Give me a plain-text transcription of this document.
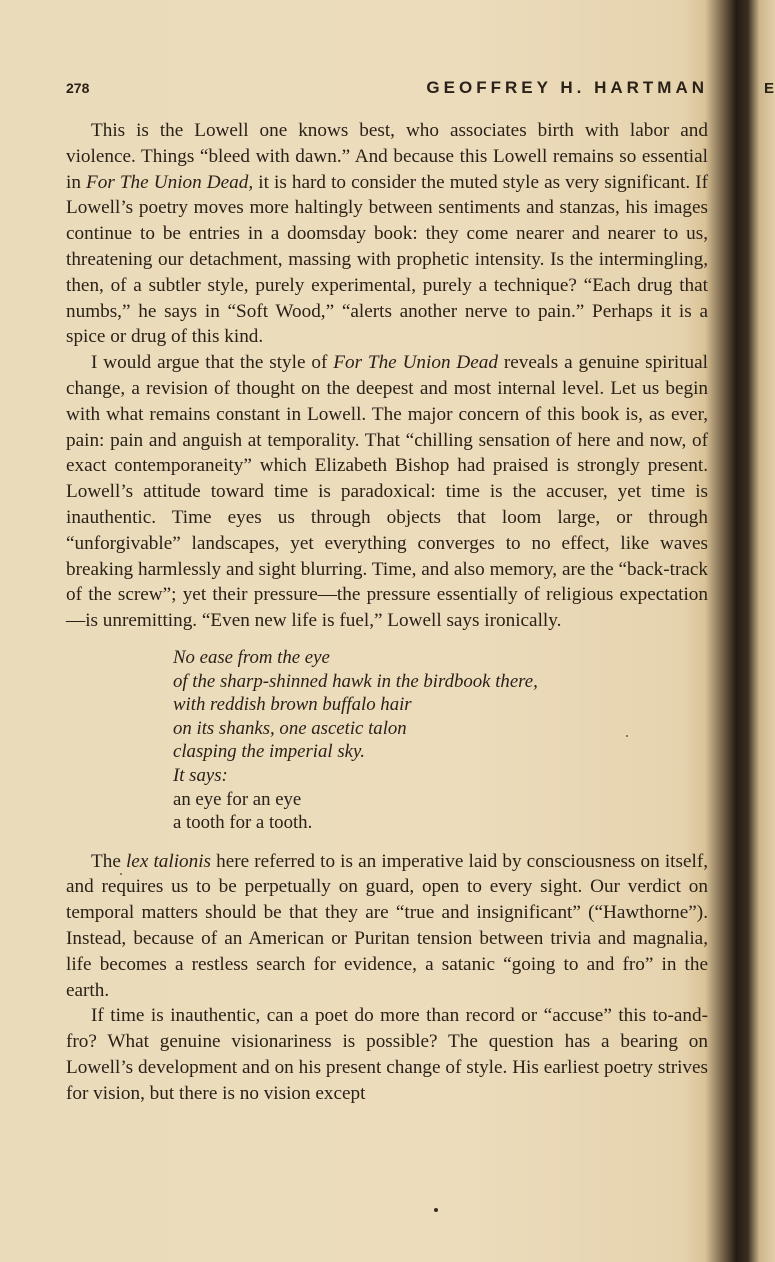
278	GEOFFREY H. HARTMAN	E

This is the Lowell one knows best, who associates birth with labor and violence. Things “bleed with dawn.” And because this Lowell remains so essential in For The Union Dead, it is hard to consider the muted style as very significant. If Lowell’s poetry moves more haltingly between sentiments and stanzas, his images continue to be entries in a doomsday book: they come nearer and nearer to us, threatening our detachment, massing with prophetic intensity. Is the intermingling, then, of a subtler style, purely experimental, purely a technique? “Each drug that numbs,” he says in “Soft Wood,” “alerts another nerve to pain.” Perhaps it is a spice or drug of this kind.

I would argue that the style of For The Union Dead reveals a genuine spiritual change, a revision of thought on the deepest and most internal level. Let us begin with what remains constant in Lowell. The major concern of this book is, as ever, pain: pain and anguish at temporality. That “chilling sensation of here and now, of exact contemporaneity” which Elizabeth Bishop had praised is strongly present. Lowell’s attitude toward time is paradoxical: time is the accuser, yet time is inauthentic. Time eyes us through objects that loom large, or through “unforgivable” landscapes, yet everything converges to no effect, like waves breaking harmlessly and sight blurring. Time, and also memory, are the “back-track of the screw”; yet their pressure—the pressure essentially of religious expectation—is unremitting. “Even new life is fuel,” Lowell says ironically.

No ease from the eye
of the sharp-shinned hawk in the birdbook there,
with reddish brown buffalo hair
on its shanks, one ascetic talon
clasping the imperial sky.
It says:
an eye for an eye
a tooth for a tooth.

The lex talionis here referred to is an imperative laid by consciousness on itself, and requires us to be perpetually on guard, open to every sight. Our verdict on temporal matters should be that they are “true and insignificant” (“Hawthorne”). Instead, because of an American or Puritan tension between trivia and magnalia, life becomes a restless search for evidence, a satanic “going to and fro” in the earth.

If time is inauthentic, can a poet do more than record or “accuse” this to-and-fro? What genuine visionariness is possible? The question has a bearing on Lowell’s development and on his present change of style. His earliest poetry strives for vision, but there is no vision except
